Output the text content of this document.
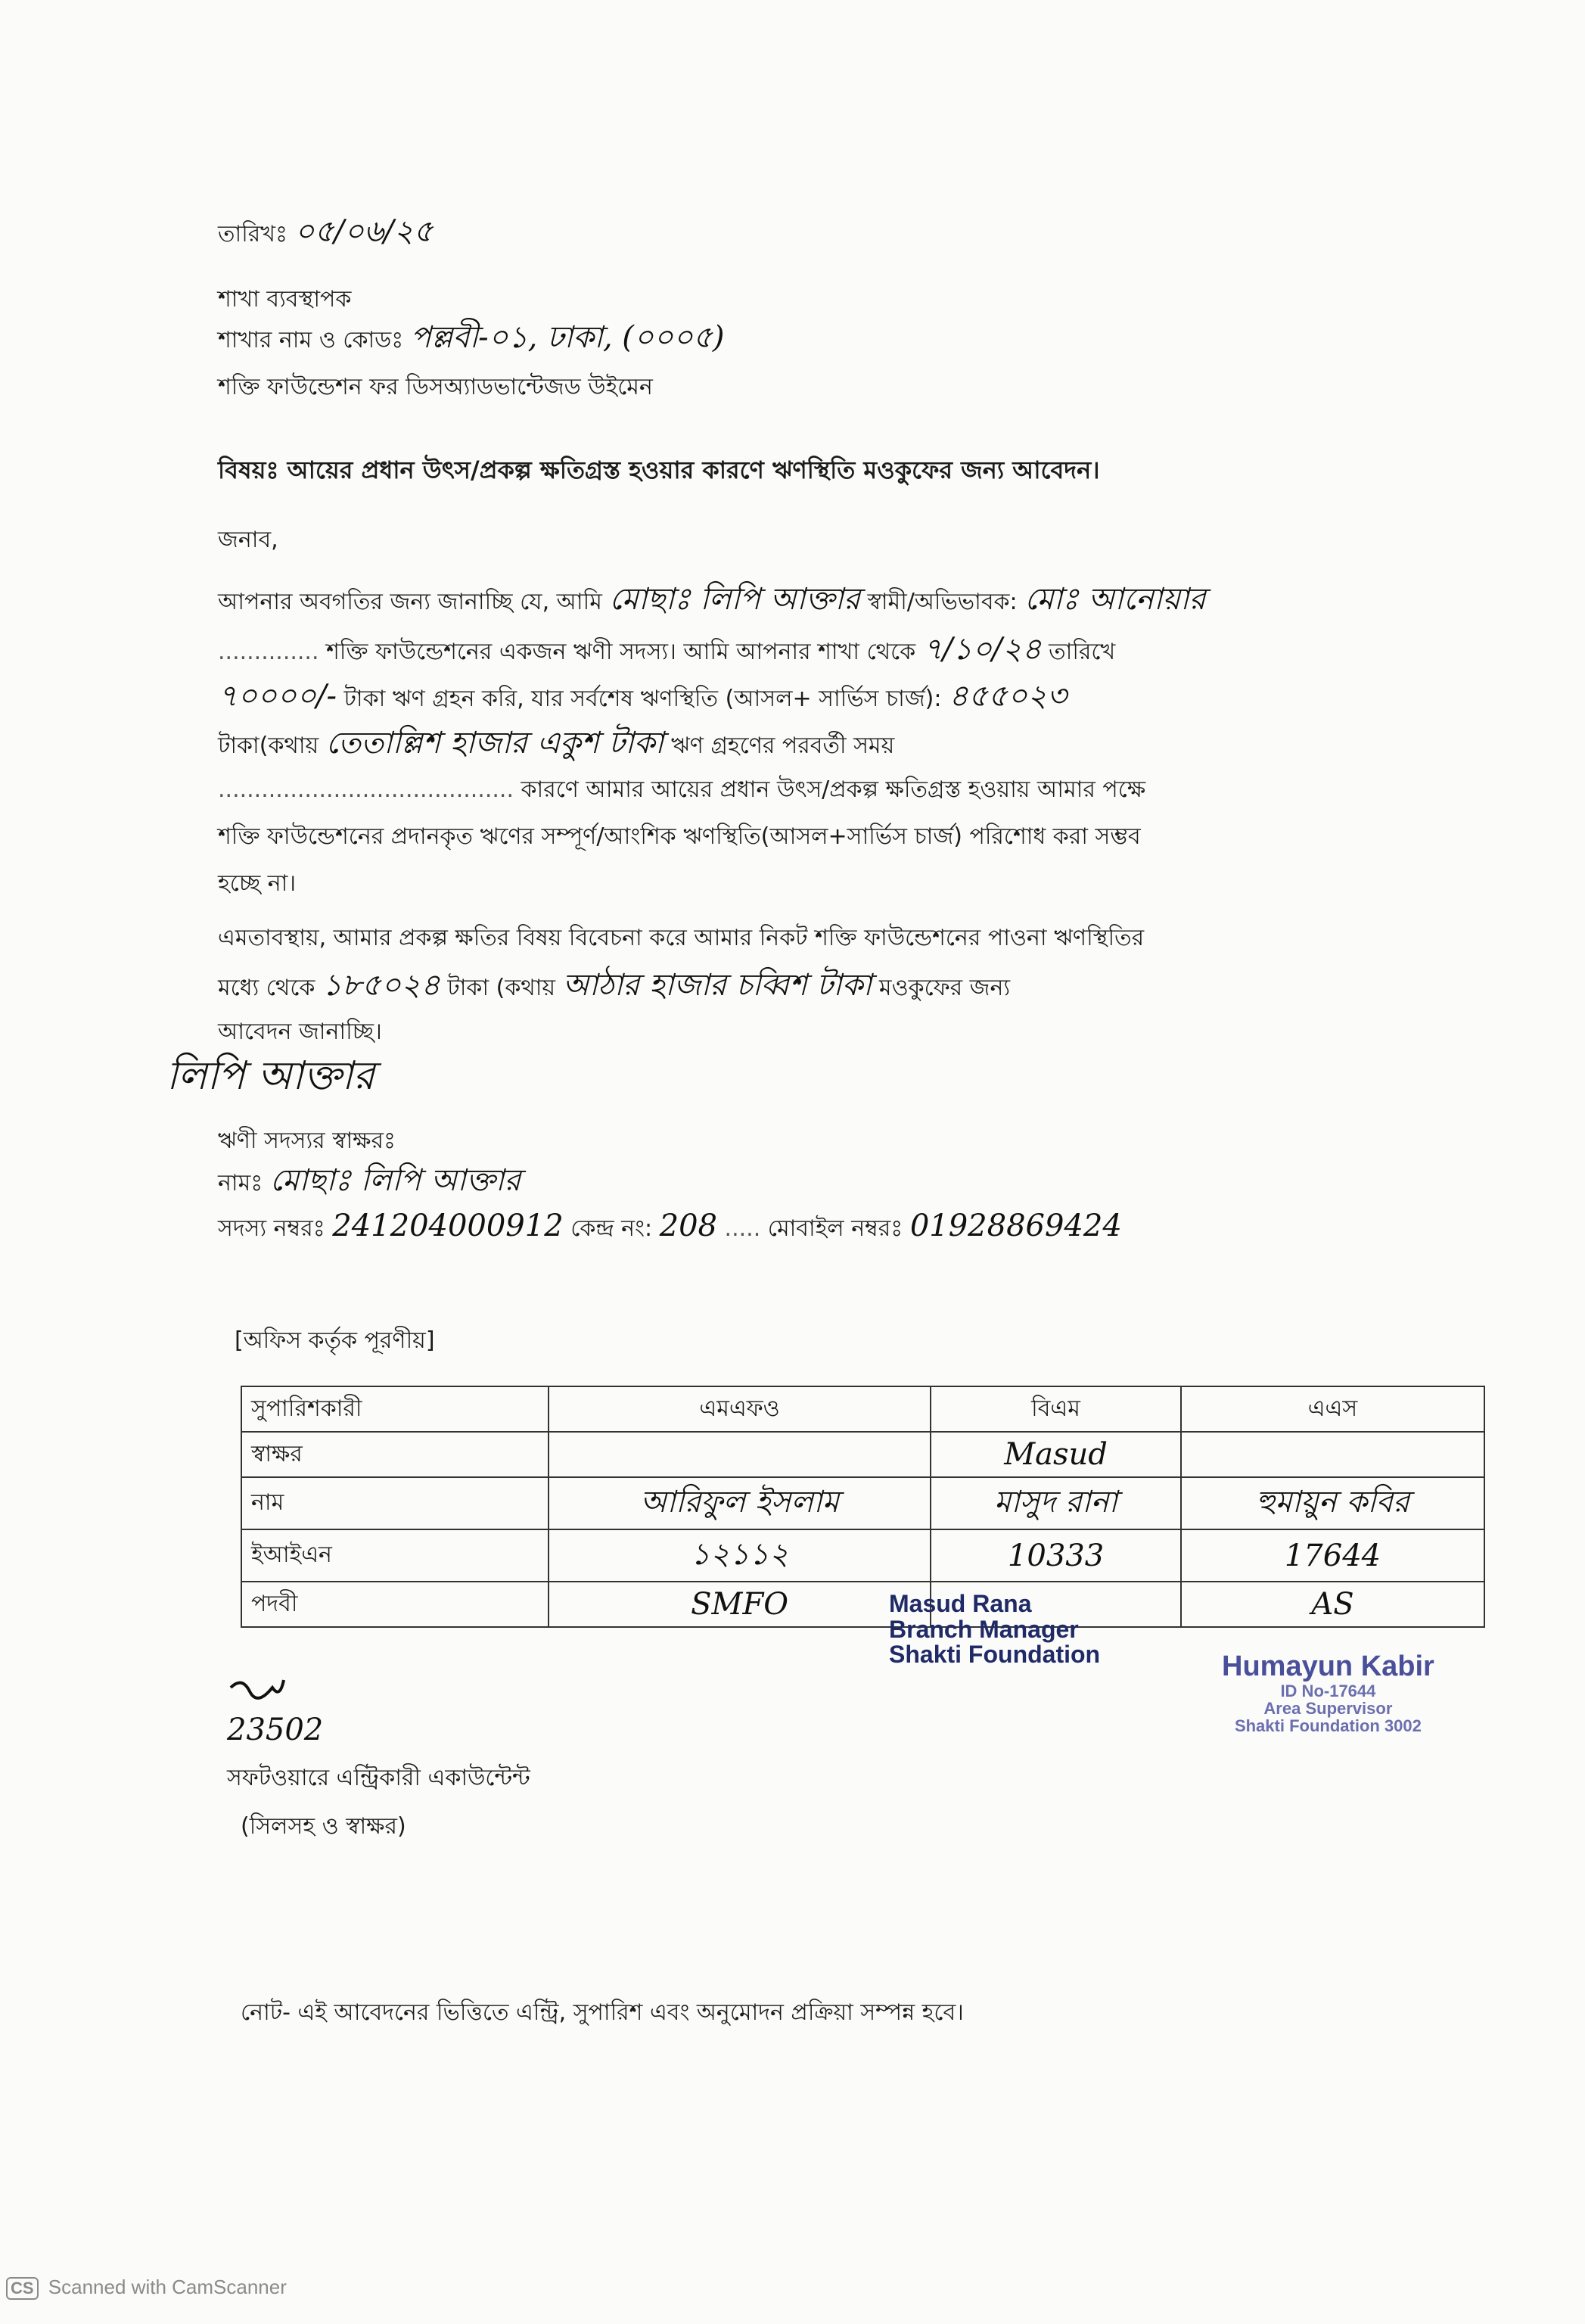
তারিখঃ ০৫/০৬/২৫
শাখা ব্যবস্থাপক
শাখার নাম ও কোডঃ পল্লবী-০১, ঢাকা, (০০০৫)
শক্তি ফাউন্ডেশন ফর ডিসঅ্যাডভান্টেজড উইমেন
বিষয়ঃ আয়ের প্রধান উৎস/প্রকল্প ক্ষতিগ্রস্ত হওয়ার কারণে ঋণস্থিতি মওকুফের জন্য আবেদন।
জনাব,
আপনার অবগতির জন্য জানাচ্ছি যে, আমি মোছাঃ লিপি আক্তার স্বামী/অভিভাবক: মোঃ আনোয়ার
.............. শক্তি ফাউন্ডেশনের একজন ঋণী সদস্য। আমি আপনার শাখা থেকে ৭/১০/২৪ তারিখে
৭০০০০/- টাকা ঋণ গ্রহন করি, যার সর্বশেষ ঋণস্থিতি (আসল+ সার্ভিস চার্জ): ৪৫৫০২৩
টাকা(কথায় তেতাল্লিশ হাজার একুশ টাকা ঋণ গ্রহণের পরবর্তী সময়
......................................... কারণে আমার আয়ের প্রধান উৎস/প্রকল্প ক্ষতিগ্রস্ত হওয়ায় আমার পক্ষে
শক্তি ফাউন্ডেশনের প্রদানকৃত ঋণের সম্পূর্ণ/আংশিক ঋণস্থিতি(আসল+সার্ভিস চার্জ) পরিশোধ করা সম্ভব
হচ্ছে না।
এমতাবস্থায়, আমার প্রকল্প ক্ষতির বিষয় বিবেচনা করে আমার নিকট শক্তি ফাউন্ডেশনের পাওনা ঋণস্থিতির
মধ্যে থেকে ১৮৫০২৪ টাকা (কথায় আঠার হাজার চব্বিশ টাকা মওকুফের জন্য
আবেদন জানাচ্ছি।
লিপি আক্তার
ঋণী সদস্যর স্বাক্ষরঃ
নামঃ মোছাঃ লিপি আক্তার
সদস্য নম্বরঃ 241204000912 কেন্দ্র নং: 208 ..... মোবাইল নম্বরঃ 01928869424
[অফিস কর্তৃক পূরণীয়]
সুপারিশকারী	এমএফও	বিএম	এএস
স্বাক্ষর		Masud	
নাম	আরিফুল ইসলাম	মাসুদ রানা	হুমায়ুন কবির
ইআইএন	১২১১২	10333	17644
পদবী	SMFO		AS
Masud Rana
Branch Manager
Shakti Foundation	Humayun Kabir
ID No-17644
Area Supervisor
Shakti Foundation 3002
23502
সফটওয়ারে এন্ট্রিকারী একাউন্টেন্ট
(সিলসহ ও স্বাক্ষর)
নোট- এই আবেদনের ভিত্তিতে এন্ট্রি, সুপারিশ এবং অনুমোদন প্রক্রিয়া সম্পন্ন হবে।
CS Scanned with CamScanner
